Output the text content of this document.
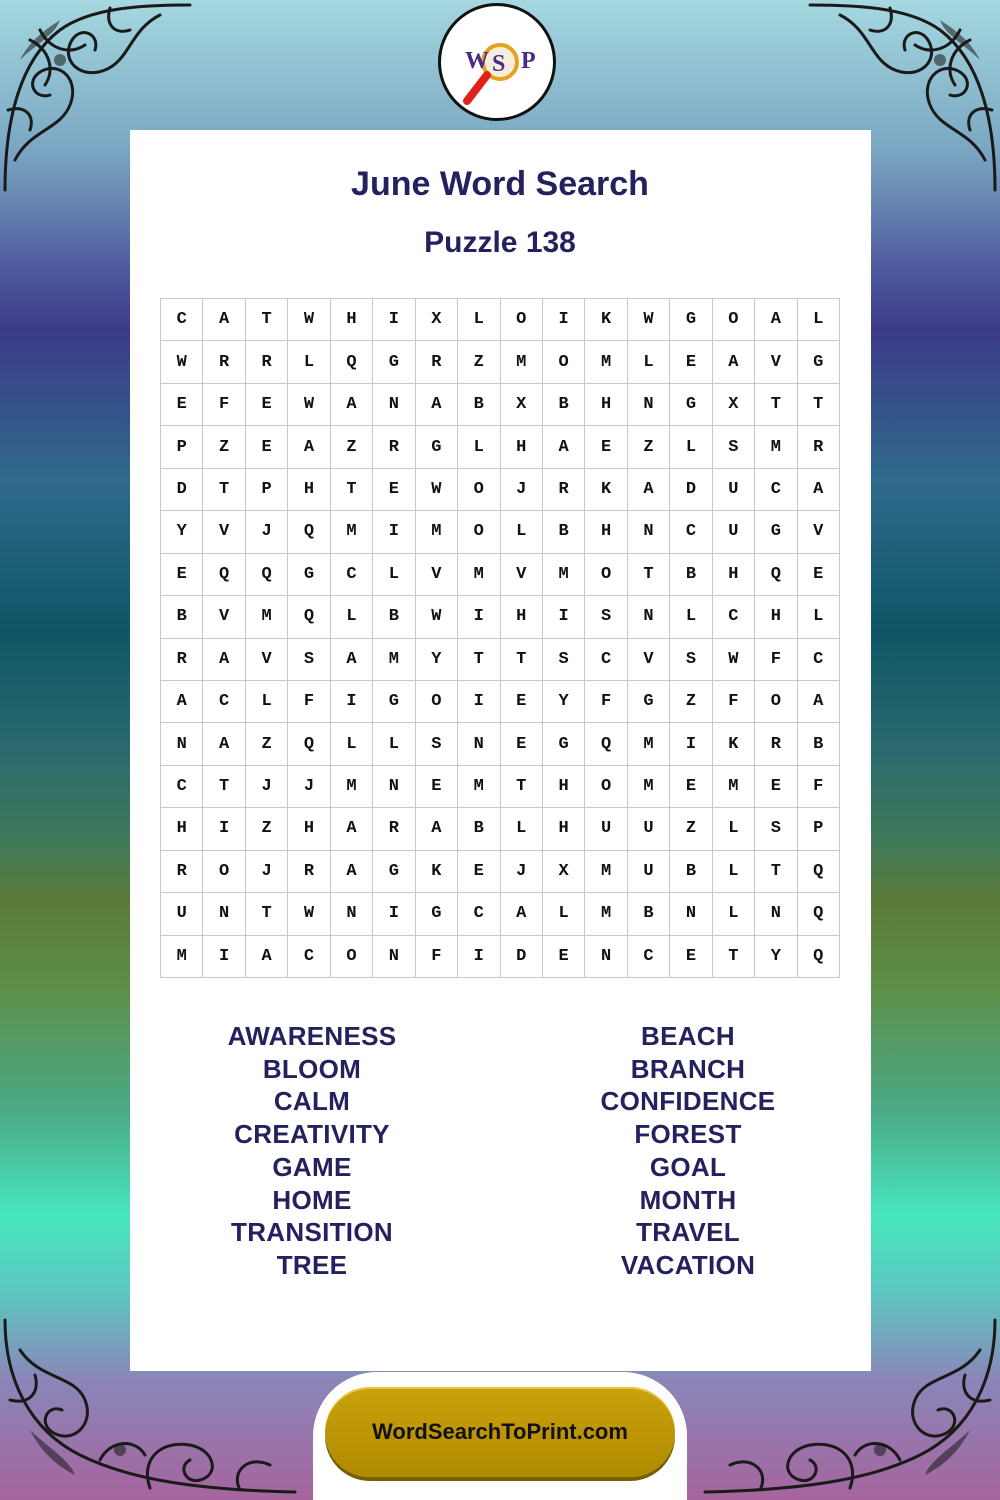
W S P
June Word Search
Puzzle 138
C	A	T	W	H	I	X	L	O	I	K	W	G	O	A	L
W	R	R	L	Q	G	R	Z	M	O	M	L	E	A	V	G
E	F	E	W	A	N	A	B	X	B	H	N	G	X	T	T
P	Z	E	A	Z	R	G	L	H	A	E	Z	L	S	M	R
D	T	P	H	T	E	W	O	J	R	K	A	D	U	C	A
Y	V	J	Q	M	I	M	O	L	B	H	N	C	U	G	V
E	Q	Q	G	C	L	V	M	V	M	O	T	B	H	Q	E
B	V	M	Q	L	B	W	I	H	I	S	N	L	C	H	L
R	A	V	S	A	M	Y	T	T	S	C	V	S	W	F	C
A	C	L	F	I	G	O	I	E	Y	F	G	Z	F	O	A
N	A	Z	Q	L	L	S	N	E	G	Q	M	I	K	R	B
C	T	J	J	M	N	E	M	T	H	O	M	E	M	E	F
H	I	Z	H	A	R	A	B	L	H	U	U	Z	L	S	P
R	O	J	R	A	G	K	E	J	X	M	U	B	L	T	Q
U	N	T	W	N	I	G	C	A	L	M	B	N	L	N	Q
M	I	A	C	O	N	F	I	D	E	N	C	E	T	Y	Q
AWARENESS
BLOOM
CALM
CREATIVITY
GAME
HOME
TRANSITION
TREE
BEACH
BRANCH
CONFIDENCE
FOREST
GOAL
MONTH
TRAVEL
VACATION
WordSearchToPrint.com
